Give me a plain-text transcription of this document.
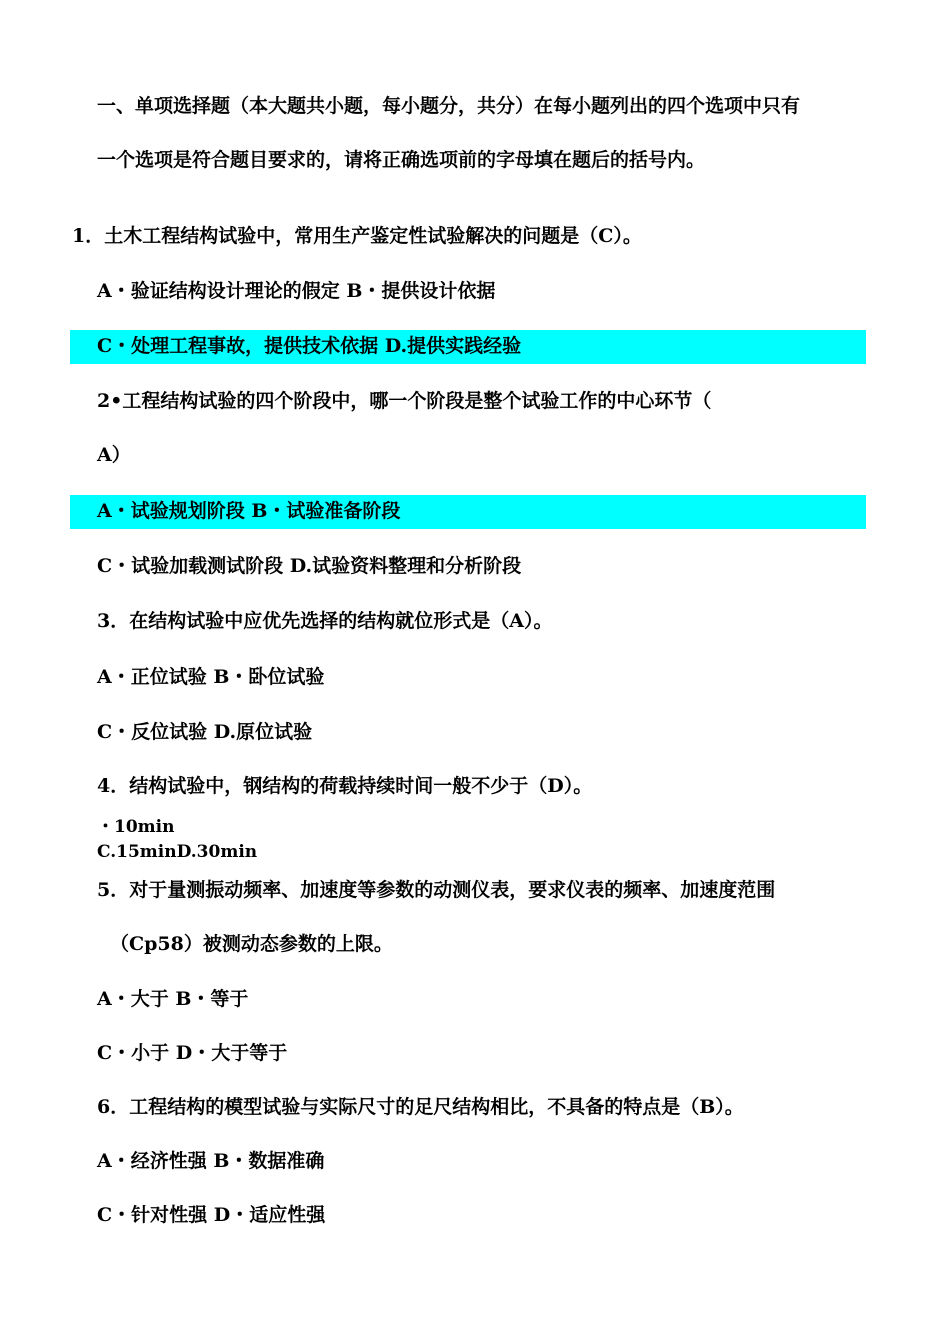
一、单项选择题（本大题共小题，每小题分，共分）在每小题列出的四个选项中只有
一个选项是符合题目要求的，请将正确选项前的字母填在题后的括号内。
1．土木工程结构试验中，常用生产鉴定性试验解决的问题是（C）。
A・验证结构设计理论的假定 B・提供设计依据
C・处理工程事故，提供技术依据 D.提供实践经验
2•工程结构试验的四个阶段中，哪一个阶段是整个试验工作的中心环节（
A）
A・试验规划阶段 B・试验准备阶段
C・试验加载测试阶段 D.试验资料整理和分析阶段
3．在结构试验中应优先选择的结构就位形式是（A）。
A・正位试验 B・卧位试验
C・反位试验 D.原位试验
4．结构试验中，钢结构的荷载持续时间一般不少于（D）。
・10min
C.15minD.30min
5．对于量测振动频率、加速度等参数的动测仪表，要求仪表的频率、加速度范围
（Cp58）被测动态参数的上限。
A・大于 B・等于
C・小于 D・大于等于
6．工程结构的模型试验与实际尺寸的足尺结构相比，不具备的特点是（B）。
A・经济性强 B・数据准确
C・针对性强 D・适应性强
